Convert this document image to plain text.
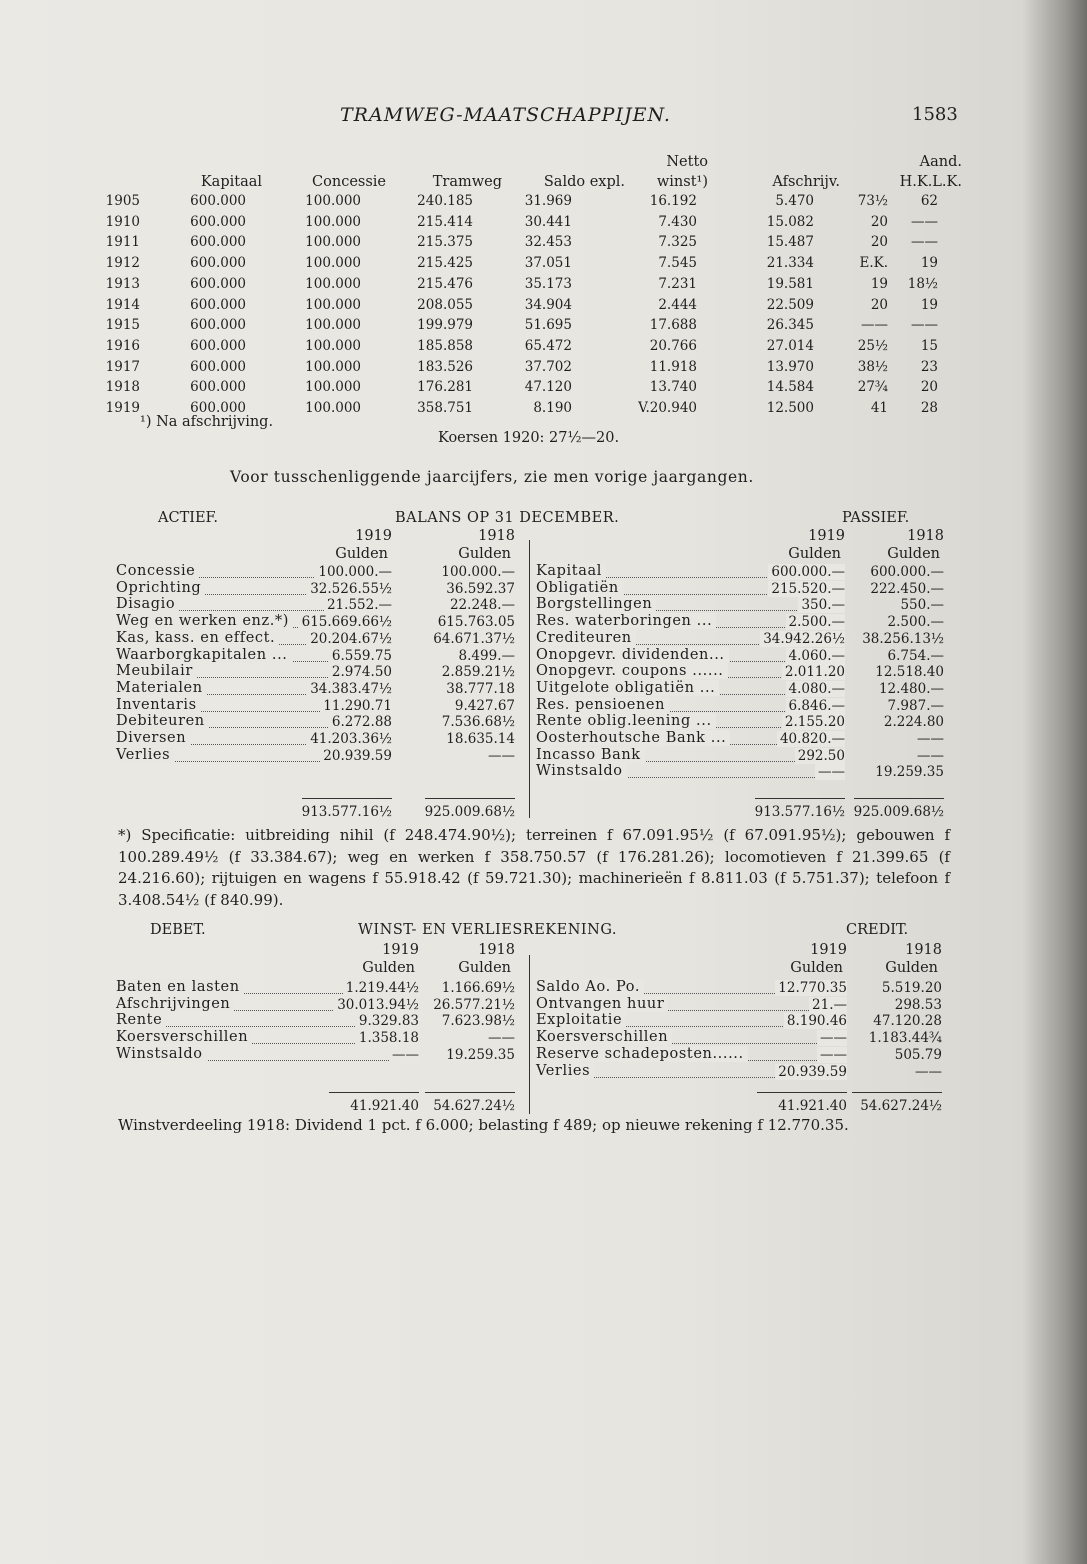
TRAMWEG-MAATSCHAPPIJEN.	1583
Kapitaal	Concessie	Tramweg	Saldo expl.
Netto
winst¹)	Afschrijv.
Aand.
H.K.L.K.
1905	600.000	100.000	240.185	31.969	16.192	5.470	73½ 62
1910	600.000	100.000	215.414	30.441	7.430	15.082	20 ——
1911	600.000	100.000	215.375	32.453	7.325	15.487	20 ——
1912	600.000	100.000	215.425	37.051	7.545	21.334	E.K. 19
1913	600.000	100.000	215.476	35.173	7.231	19.581	19 18½
1914	600.000	100.000	208.055	34.904	2.444	22.509	20 19
1915	600.000	100.000	199.979	51.695	17.688	26.345	—— ——
1916	600.000	100.000	185.858	65.472	20.766	27.014	25½ 15
1917	600.000	100.000	183.526	37.702	11.918	13.970	38½ 23
1918	600.000	100.000	176.281	47.120	13.740	14.584	27¾ 20
1919	600.000	100.000	358.751	8.190	V.20.940	12.500	41 28
¹) Na afschrijving.
Koersen 1920: 27½—20.
Voor tusschenliggende jaarcijfers, zie men vorige jaargangen.
ACTIEF.	BALANS OP 31 DECEMBER.	PASSIEF.
1919	1918	1919	1918
Gulden	Gulden	Gulden	Gulden
Concessie	100.000.—	100.000.—
Oprichting	32.526.55½	36.592.37
Disagio	21.552.—	22.248.—
Weg en werken enz.*) 615.669.66½	615.763.05
Kas, kass. en effect.	20.204.67½	64.671.37½
Waarborgkapitalen ...	6.559.75	8.499.—
Meubilair	2.974.50	2.859.21½
Materialen	34.383.47½	38.777.18
Inventaris	11.290.71	9.427.67
Debiteuren	6.272.88	7.536.68½
Diversen	41.203.36½	18.635.14
Verlies	20.939.59	——
Kapitaal	600.000.— 600.000.—
Obligatiën	215.520.— 222.450.—
Borgstellingen	350.—	550.—
Res. waterboringen ...	2.500.—	2.500.—
Crediteuren	34.942.26½ 38.256.13½
Onopgevr. dividenden...	4.060.—	6.754.—
Onopgevr. coupons ......	2.011.20 12.518.40
Uitgelote obligatiën ...	4.080.—	12.480.—
Res. pensioenen	6.846.—	7.987.—
Rente oblig.leening ...	2.155.20	2.224.80
Oosterhoutsche Bank ...	40.820.—	——
Incasso Bank	292.50	——
Winstsaldo	—— 19.259.35
913.577.16½ 925.009.68½	913.577.16½ 925.009.68½
*) Specificatie: uitbreiding nihil (f 248.474.90½); terreinen f 67.091.95½ (f 67.091.95½); gebouwen f 100.289.49½ (f 33.384.67); weg en werken f 358.750.57 (f 176.281.26); locomotieven f 21.399.65 (f 24.216.60); rijtuigen en wagens f 55.918.42 (f 59.721.30); machinerieën f 8.811.03 (f 5.751.37); telefoon f 3.408.54½ (f 840.99).
DEBET.	WINST- EN VERLIESREKENING.	CREDIT.
1919	1918	1919	1918
Gulden	Gulden	Gulden	Gulden
Baten en lasten	1.219.44½ 1.166.69½
Afschrijvingen	30.013.94½ 26.577.21½
Rente	9.329.83 7.623.98½
Koersverschillen	1.358.18	——
Winstsaldo	—— 19.259.35
Saldo Ao. Po.	12.770.35	5.519.20
Ontvangen huur	21.—	298.53
Exploitatie	8.190.46 47.120.28
Koersverschillen	—— 1.183.44¾
Reserve schadeposten......	——	505.79
Verlies	20.939.59	——
41.921.40 54.627.24½	41.921.40 54.627.24½
Winstverdeeling 1918: Dividend 1 pct. f 6.000; belasting f 489; op nieuwe rekening f 12.770.35.
